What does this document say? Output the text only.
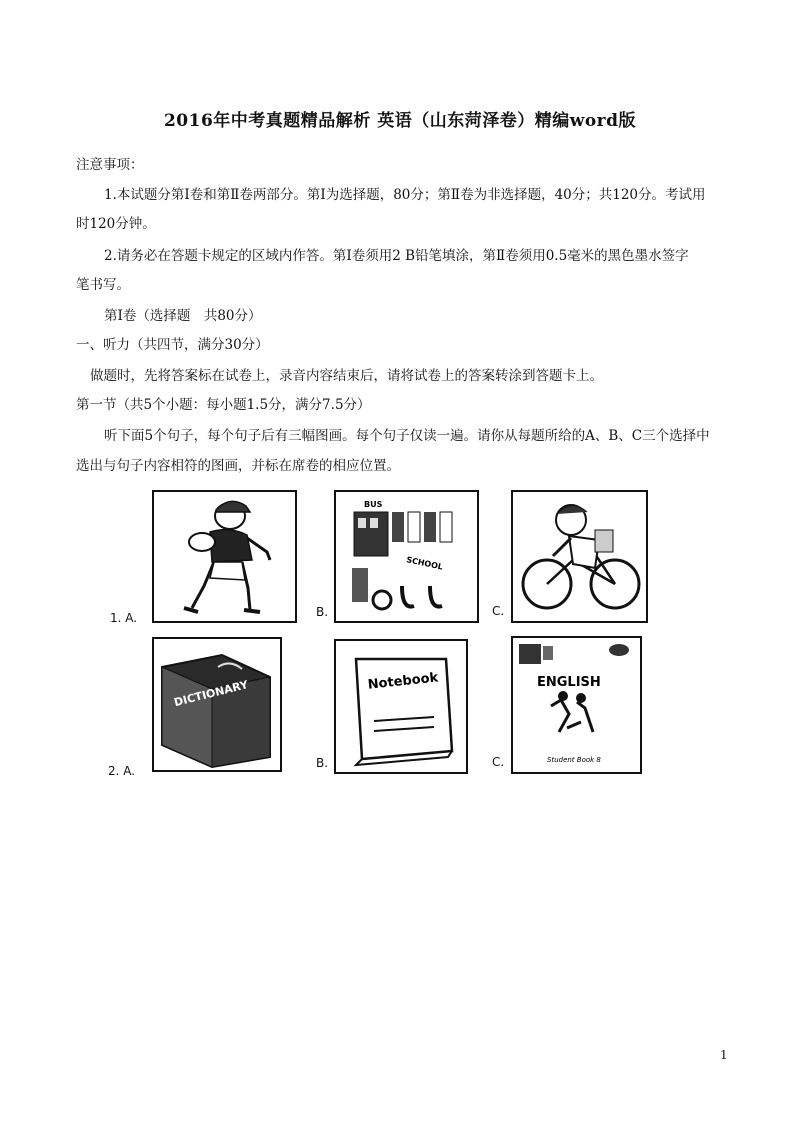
2016年中考真题精品解析 英语（山东菏泽卷）精编word版
注意事项：
1.本试题分第Ⅰ卷和第Ⅱ卷两部分。第Ⅰ为选择题，80分；第Ⅱ卷为非选择题，40分；共120分。考试用
时120分钟。
2.请务必在答题卡规定的区域内作答。第Ⅰ卷须用2 B铅笔填涂，第Ⅱ卷须用0.5毫米的黑色墨水签字
笔书写。
第Ⅰ卷（选择题　共80分）
一、听力（共四节，满分30分）
做题时，先将答案标在试卷上，录音内容结束后，请将试卷上的答案转涂到答题卡上。
第一节（共5个小题：每小题1.5分，满分7.5分）
听下面5个句子，每个句子后有三幅图画。每个句子仅读一遍。请你从每题所给的A、B、C三个选择中
选出与句子内容相符的图画，并标在席卷的相应位置。
1. A.
BUS
SCHOOL
B.	C.
2. A.
DICTIONARY	Notebook	ENGLISH
Student Book 8
B.	C.
1
